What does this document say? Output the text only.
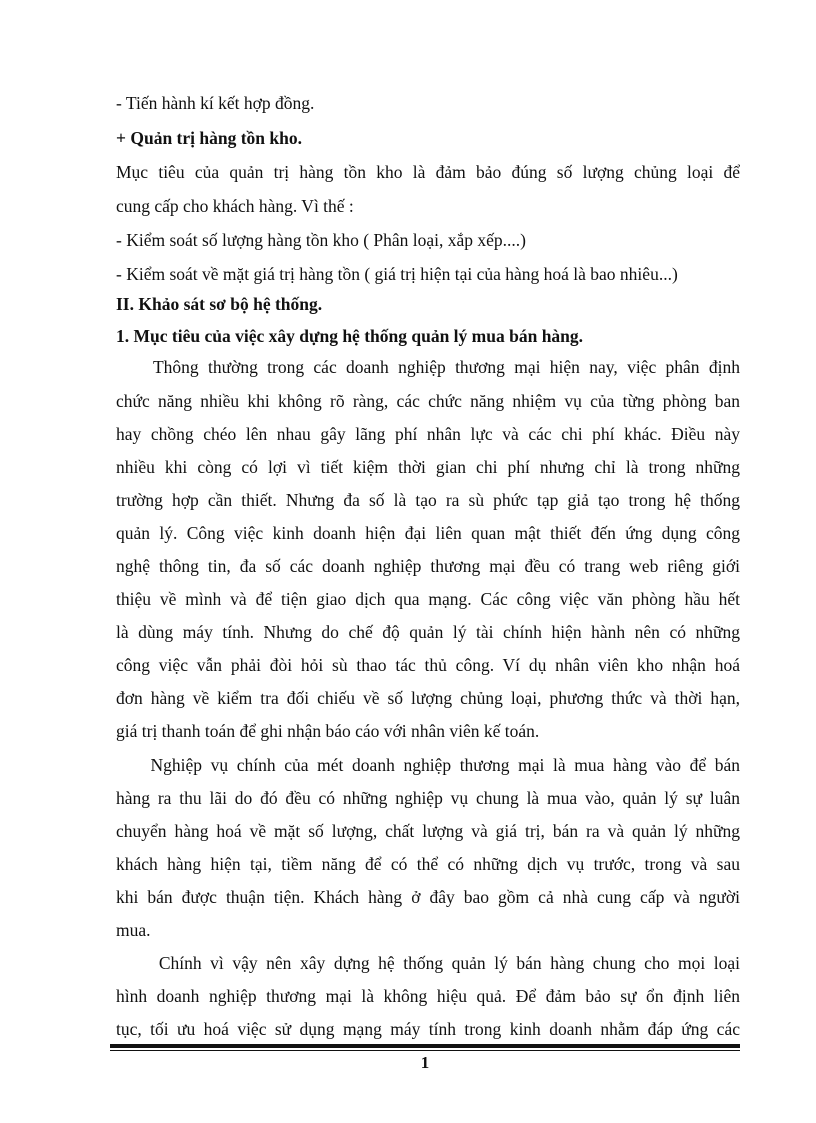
- Tiến hành kí kết hợp đồng.
+ Quản trị hàng tồn kho.
Mục tiêu của quản trị hàng tồn kho là đảm bảo đúng số lượng chủng loại để
cung cấp cho khách hàng. Vì thế :
- Kiểm soát số lượng hàng tồn kho ( Phân loại, xắp xếp....)
- Kiểm soát về mặt giá trị hàng tồn ( giá trị hiện tại của hàng hoá là bao nhiêu...)
II. Khảo sát sơ bộ hệ thống.
1. Mục tiêu của việc xây dựng hệ thống quản lý mua bán hàng.
Thông thường trong các doanh nghiệp thương mại hiện nay, việc phân định
chức năng nhiều khi không rõ ràng, các chức năng nhiệm vụ của từng phòng ban
hay chồng chéo lên nhau gây lãng phí nhân lực và các chi phí khác. Điều này
nhiều khi còng có lợi vì tiết kiệm thời gian chi phí nhưng chỉ là trong những
trường hợp cần thiết. Nhưng đa số là tạo ra sù phức tạp giả tạo trong hệ thống
quản lý. Công việc kinh doanh hiện đại liên quan mật thiết đến ứng dụng công
nghệ thông tin, đa số các doanh nghiệp thương mại đều có trang web riêng giới
thiệu về mình và để tiện giao dịch qua mạng. Các công việc văn phòng hầu hết
là dùng máy tính. Nhưng do chế độ quản lý tài chính hiện hành nên có những
công việc vẫn phải đòi hỏi sù thao tác thủ công. Ví dụ nhân viên kho nhận hoá
đơn hàng về kiểm tra đối chiếu về số lượng chủng loại, phương thức và thời hạn,
giá trị thanh toán để ghi nhận báo cáo với nhân viên kế toán.
Nghiệp vụ chính của mét doanh nghiệp thương mại là mua hàng vào để bán
hàng ra thu lãi do đó đều có những nghiệp vụ chung là mua vào, quản lý sự luân
chuyển hàng hoá về mặt số lượng, chất lượng và giá trị, bán ra và quản lý những
khách hàng hiện tại, tiềm năng để có thể có những dịch vụ trước, trong và sau
khi bán được thuận tiện. Khách hàng ở đây bao gồm cả nhà cung cấp và người
mua.
Chính vì vậy nên xây dựng hệ thống quản lý bán hàng chung cho mọi loại
hình doanh nghiệp thương mại là không hiệu quả. Để đảm bảo sự ổn định liên
tục, tối ưu hoá việc sử dụng mạng máy tính trong kinh doanh nhằm đáp ứng các
1
